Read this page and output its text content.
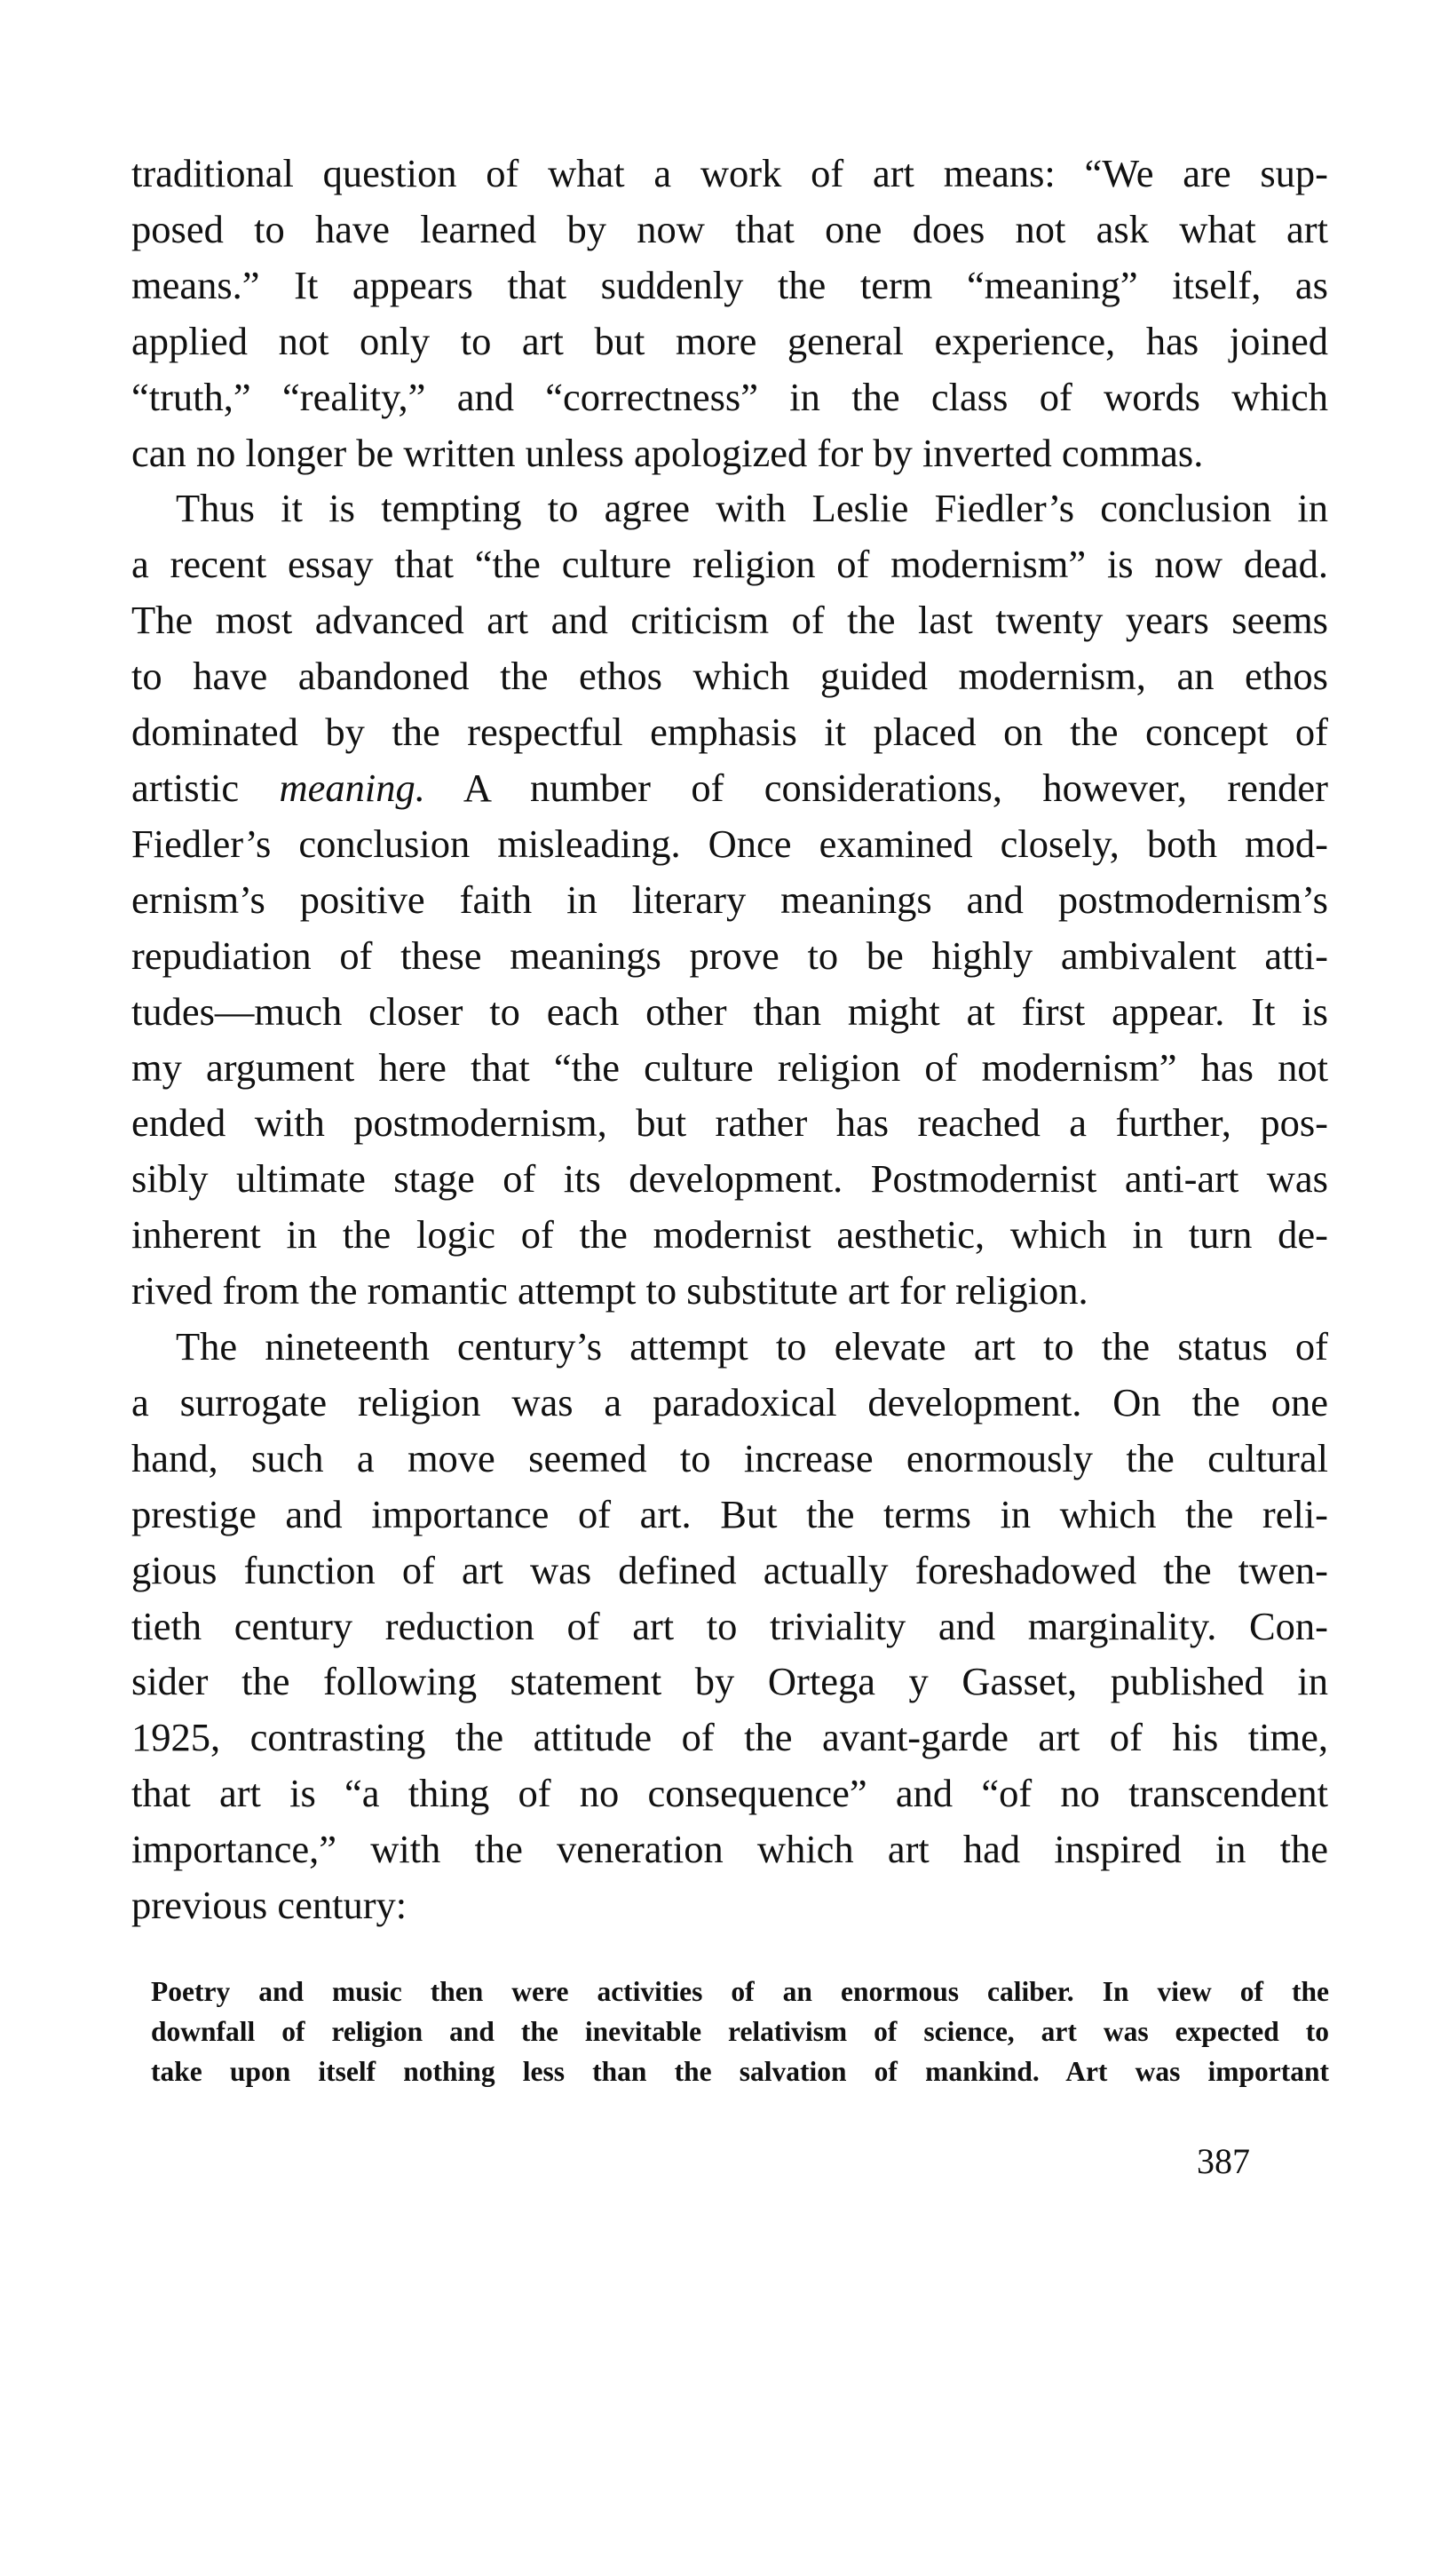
traditional question of what a work of art means: “We are sup-
posed to have learned by now that one does not ask what art
means.” It appears that suddenly the term “meaning” itself, as
applied not only to art but more general experience, has joined
“truth,” “reality,” and “correctness” in the class of words which
can no longer be written unless apologized for by inverted commas.
Thus it is tempting to agree with Leslie Fiedler’s conclusion in
a recent essay that “the culture religion of modernism” is now dead.
The most advanced art and criticism of the last twenty years seems
to have abandoned the ethos which guided modernism, an ethos
dominated by the respectful emphasis it placed on the concept of
artistic meaning. A number of considerations, however, render
Fiedler’s conclusion misleading. Once examined closely, both mod-
ernism’s positive faith in literary meanings and postmodernism’s
repudiation of these meanings prove to be highly ambivalent atti-
tudes—much closer to each other than might at first appear. It is
my argument here that “the culture religion of modernism” has not
ended with postmodernism, but rather has reached a further, pos-
sibly ultimate stage of its development. Postmodernist anti-art was
inherent in the logic of the modernist aesthetic, which in turn de-
rived from the romantic attempt to substitute art for religion.
The nineteenth century’s attempt to elevate art to the status of
a surrogate religion was a paradoxical development. On the one
hand, such a move seemed to increase enormously the cultural
prestige and importance of art. But the terms in which the reli-
gious function of art was defined actually foreshadowed the twen-
tieth century reduction of art to triviality and marginality. Con-
sider the following statement by Ortega y Gasset, published in
1925, contrasting the attitude of the avant-garde art of his time,
that art is “a thing of no consequence” and “of no transcendent
importance,” with the veneration which art had inspired in the
previous century:
Poetry and music then were activities of an enormous caliber. In view of the
downfall of religion and the inevitable relativism of science, art was expected to
take upon itself nothing less than the salvation of mankind. Art was important
387
